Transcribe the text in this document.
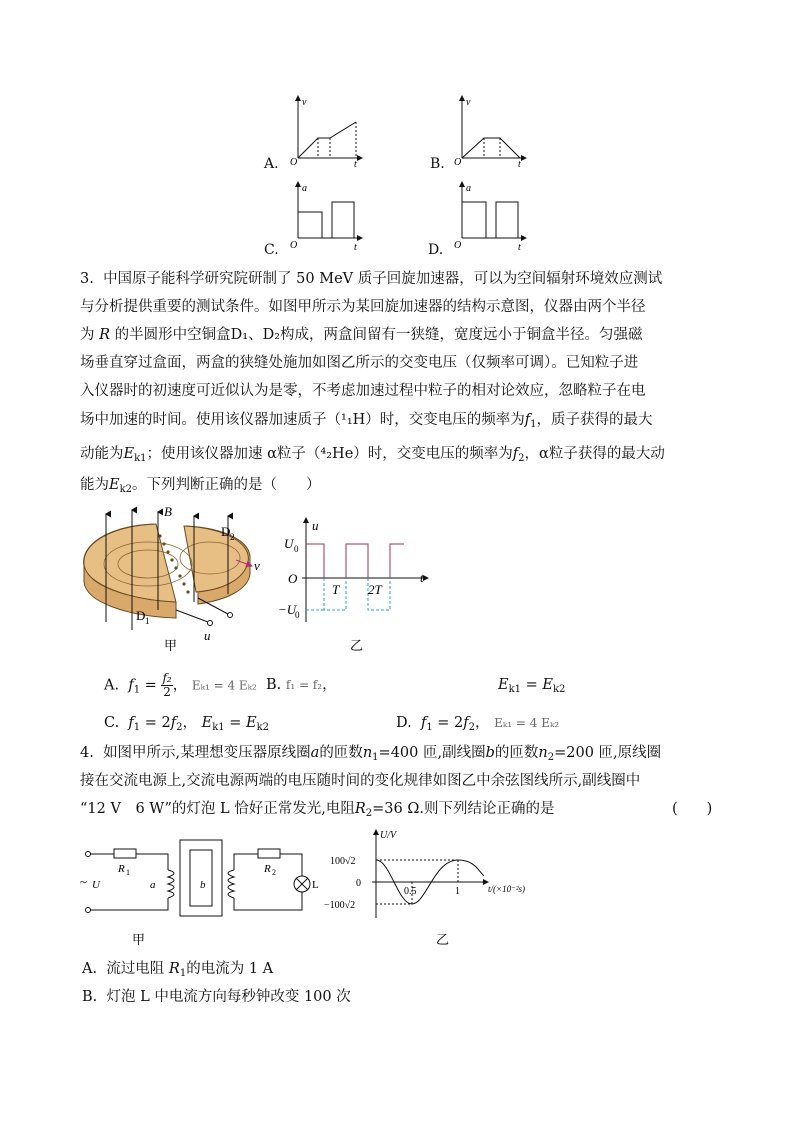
A.
v
O	t	B.
v
O	t
C.
a
O	t	D.
a
O	t
3. 中国原子能科学研究院研制了 50 MeV 质子回旋加速器，可以为空间辐射环境效应测试
与分析提供重要的测试条件。如图甲所示为某回旋加速器的结构示意图，仪器由两个半径
为 R 的半圆形中空铜盒D₁、D₂构成，两盒间留有一狭缝，宽度远小于铜盒半径。匀强磁
场垂直穿过盒面，两盒的狭缝处施加如图乙所示的交变电压（仅频率可调）。已知粒子进
入仪器时的初速度可近似认为是零，不考虑加速过程中粒子的相对论效应，忽略粒子在电
场中加速的时间。使用该仪器加速质子（¹₁H）时，交变电压的频率为$f_1$，质子获得的最大
动能为$E_{k1}$；使用该仪器加速 α粒子（⁴₂He）时，交变电压的频率为$f_2$，α粒子获得的最大动
能为$E_{k2}$。下列判断正确的是（　　）
B
D 2
v
D 1
u
甲
u
U 0
O	t
T 2T
−U
0
乙
A. $f_1 = \frac{\text{f₂}}{2}$ ， Eₖ₁ = 4 Eₖ₂ B. f₁ = f₂，	$E_{k1} = E_{k2}$
C. $f_1 = 2f_2$， $E_{k1} = E_{k2}$	D. $f_1 = 2f_2$， Eₖ₁ = 4 Eₖ₂
4. 如图甲所示,某理想变压器原线圈a的匝数$n_1=400$ 匝,副线圈b的匝数$n_2=200$ 匝,原线圈
接在交流电源上,交流电源两端的电压随时间的变化规律如图乙中余弦图线所示,副线圈中
“12 V　6 W”的灯泡 L 恰好正常发光,电阻$R_2=36$ Ω.则下列结论正确的是	(　　)
R 1	R 2
a	b
~ U	L
甲
U/V
100√2
0
−100√2
0.5	1	t/(×10⁻²s)
乙
A. 流过电阻 $R_1$的电流为 1 A
B. 灯泡 L 中电流方向每秒钟改变 100 次
